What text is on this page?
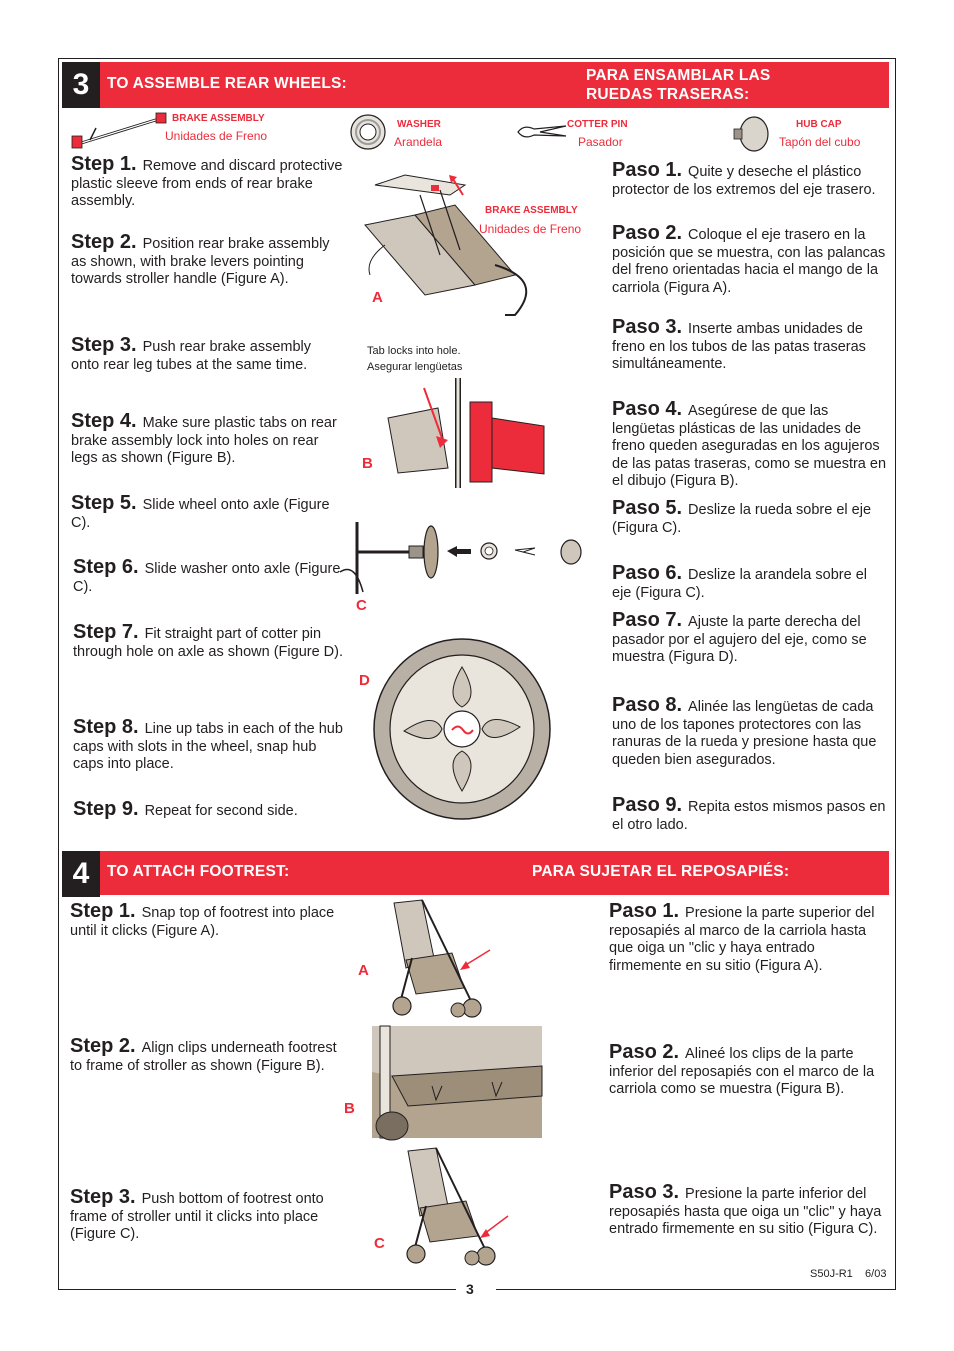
3	TO ASSEMBLE REAR WHEELS:	PARA ENSAMBLAR LAS
RUEDAS TRASERAS:
BRAKE ASSEMBLY
Unidades de Freno
WASHER
Arandela
COTTER PIN
Pasador
HUB CAP
Tapón del cubo
Step 1. Remove and discard protective plastic sleeve from ends of rear brake assembly.
Step 2. Position rear brake assembly as shown, with brake levers pointing towards stroller handle (Figure A).
Step 3. Push rear brake assembly onto rear leg tubes at the same time.
Step 4. Make sure plastic tabs on rear brake assembly lock into holes on rear legs as shown (Figure B).
Step 5. Slide wheel onto axle (Figure C).
Step 6. Slide washer onto axle (Figure C).
Step 7. Fit straight part of cotter pin through hole on axle as shown (Figure D).
Step 8. Line up tabs in each of the hub caps with slots in the wheel, snap hub caps into place.
Step 9. Repeat for second side.
Paso 1. Quite y deseche el plástico protector de los extremos del eje trasero.
Paso 2. Coloque el eje trasero en la posición que se muestra, con las palancas del freno orientadas hacia el mango de la carriola (Figura A).
Paso 3. Inserte ambas unidades de freno en los tubos de las patas traseras simultáneamente.
Paso 4. Asegúrese de que las lengüetas plásticas de las unidades de freno queden aseguradas en los agujeros de las patas traseras, como se muestra en el dibujo (Figura B).
Paso 5. Deslize la rueda sobre el eje (Figura C).
Paso 6. Deslize la arandela sobre el eje (Figura C).
Paso 7. Ajuste la parte derecha del pasador por el agujero del eje, como se muestra (Figura D).
Paso 8. Alinée las lengüetas de cada uno de los tapones protectores con las ranuras de la rueda y presione hasta que queden bien asegurados.
Paso 9. Repita estos mismos pasos en el otro lado.
BRAKE ASSEMBLY
Unidades de Freno
A
Tab locks into hole.
Asegurar lengüetas
B
C
D
4	TO ATTACH FOOTREST:	PARA SUJETAR EL REPOSAPIÉS:
Step 1. Snap top of footrest into place until it clicks (Figure A).
Step 2. Align clips underneath footrest to frame of stroller as shown (Figure B).
Step 3. Push bottom of footrest onto frame of stroller until it clicks into place (Figure C).
Paso 1. Presione la parte superior del reposapiés al marco de la carriola hasta que oiga un "clic y haya entrado firmemente en su sitio (Figura A).
Paso 2. Alineé los clips de la parte inferior del reposapiés con el marco de la carriola como se muestra (Figura B).
Paso 3. Presione la parte inferior del reposapiés hasta que oiga un "clic" y haya entrado firmemente en su sitio (Figura C).
A
B
C
3
S50J-R1    6/03
